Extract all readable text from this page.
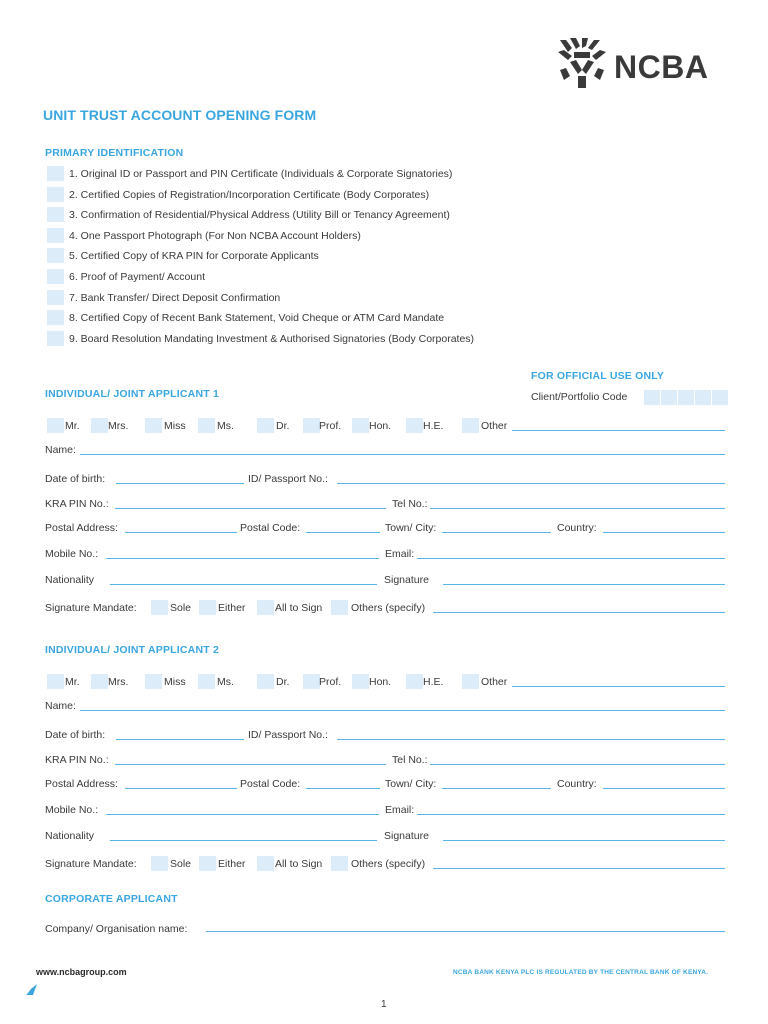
NCBA
UNIT TRUST ACCOUNT OPENING FORM
PRIMARY IDENTIFICATION
1. Original ID or Passport and PIN Certificate (Individuals & Corporate Signatories)
2. Certified Copies of Registration/Incorporation Certificate (Body Corporates)
3. Confirmation of Residential/Physical Address (Utility Bill or Tenancy Agreement)
4. One Passport Photograph (For Non NCBA Account Holders)
5. Certified Copy of KRA PIN for Corporate Applicants
6. Proof of Payment/ Account
7. Bank Transfer/ Direct Deposit Confirmation
8. Certified Copy of Recent Bank Statement, Void Cheque or ATM Card Mandate
9. Board Resolution Mandating Investment & Authorised Signatories (Body Corporates)
FOR OFFICIAL USE ONLY
Client/Portfolio Code
INDIVIDUAL/ JOINT APPLICANT 1
Mr.	Mrs.	Miss	Ms.	Dr.	Prof.	Hon.	H.E.	Other
Name:
Date of birth:	ID/ Passport No.:
KRA PIN No.:	Tel No.:
Postal Address:	Postal Code:	Town/ City:	Country:
Mobile No.:	Email:
Nationality	Signature
Signature Mandate:	Sole	Either	All to Sign	Others (specify)
INDIVIDUAL/ JOINT APPLICANT 2
Mr.	Mrs.	Miss	Ms.	Dr.	Prof.	Hon.	H.E.	Other
Name:
Date of birth:	ID/ Passport No.:
KRA PIN No.:	Tel No.:
Postal Address:	Postal Code:	Town/ City:	Country:
Mobile No.:	Email:
Nationality	Signature
Signature Mandate:	Sole	Either	All to Sign	Others (specify)
CORPORATE APPLICANT
Company/ Organisation name:
www.ncbagroup.com	NCBA BANK KENYA PLC IS REGULATED BY THE CENTRAL BANK OF KENYA.
1
